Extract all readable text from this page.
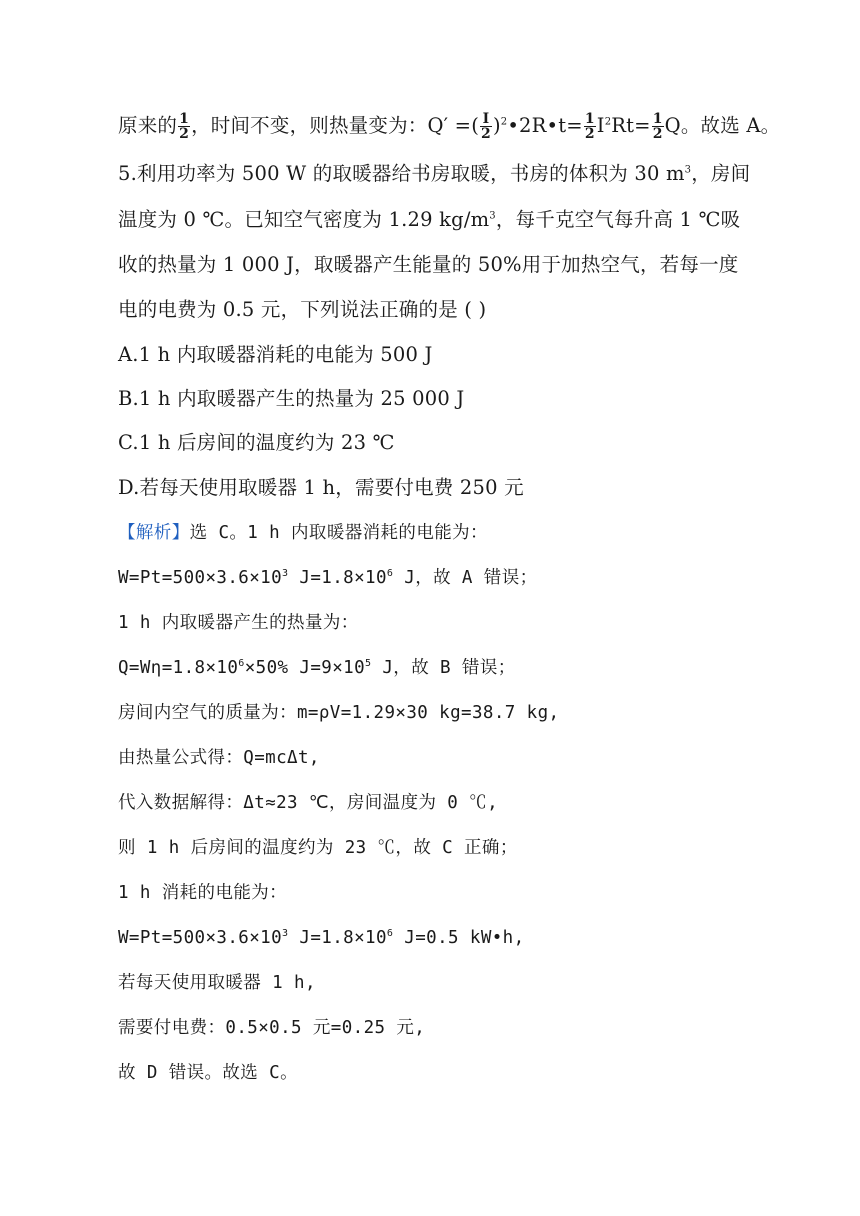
原来的 $\frac{1}{2}$ ，时间不变，则热量变为：Q′ =( $\frac{I}{2}$ )$^2$•2R•t= $\frac{1}{2} I^2Rt= \frac{1}{2}$ Q。故选 A。
5.利用功率为 500 W 的取暖器给书房取暖，书房的体积为 30 $m^3$，房间
温度为 0 ℃。已知空气密度为 1.29 $kg/m^3$，每千克空气每升高 1 ℃吸
收的热量为 1 000 J，取暖器产生能量的 50%用于加热空气，若每一度
电的电费为 0.5 元，下列说法正确的是 ( )
A.1 h 内取暖器消耗的电能为 500 J
B.1 h 内取暖器产生的热量为 25 000 J
C.1 h 后房间的温度约为 23 ℃
D.若每天使用取暖器 1 h，需要付电费 250 元
【解析】选 C。1 h 内取暖器消耗的电能为：
$W=Pt=500\times 3.6\times 10^3$ $J=1.8\times 10^6$ J，故 A 错误；
1 h 内取暖器产生的热量为：
$Q=W\eta=1.8\times 10^6\times 50\%$ $J=9\times 10^5$ J，故 B 错误；
房间内空气的质量为：m=ρV=1.29×30 kg=38.7 kg,
由热量公式得：Q=mcΔt,
代入数据解得：Δt≈23 ℃，房间温度为 0 ℃,
则 1 h 后房间的温度约为 23 ℃，故 C 正确；
1 h 消耗的电能为：
$W=Pt=500\times 3.6\times 10^3$ $J=1.8\times 10^6$ J=0.5 kW•h,
若每天使用取暖器 1 h,
需要付电费：0.5×0.5 元=0.25 元,
故 D 错误。故选 C。
